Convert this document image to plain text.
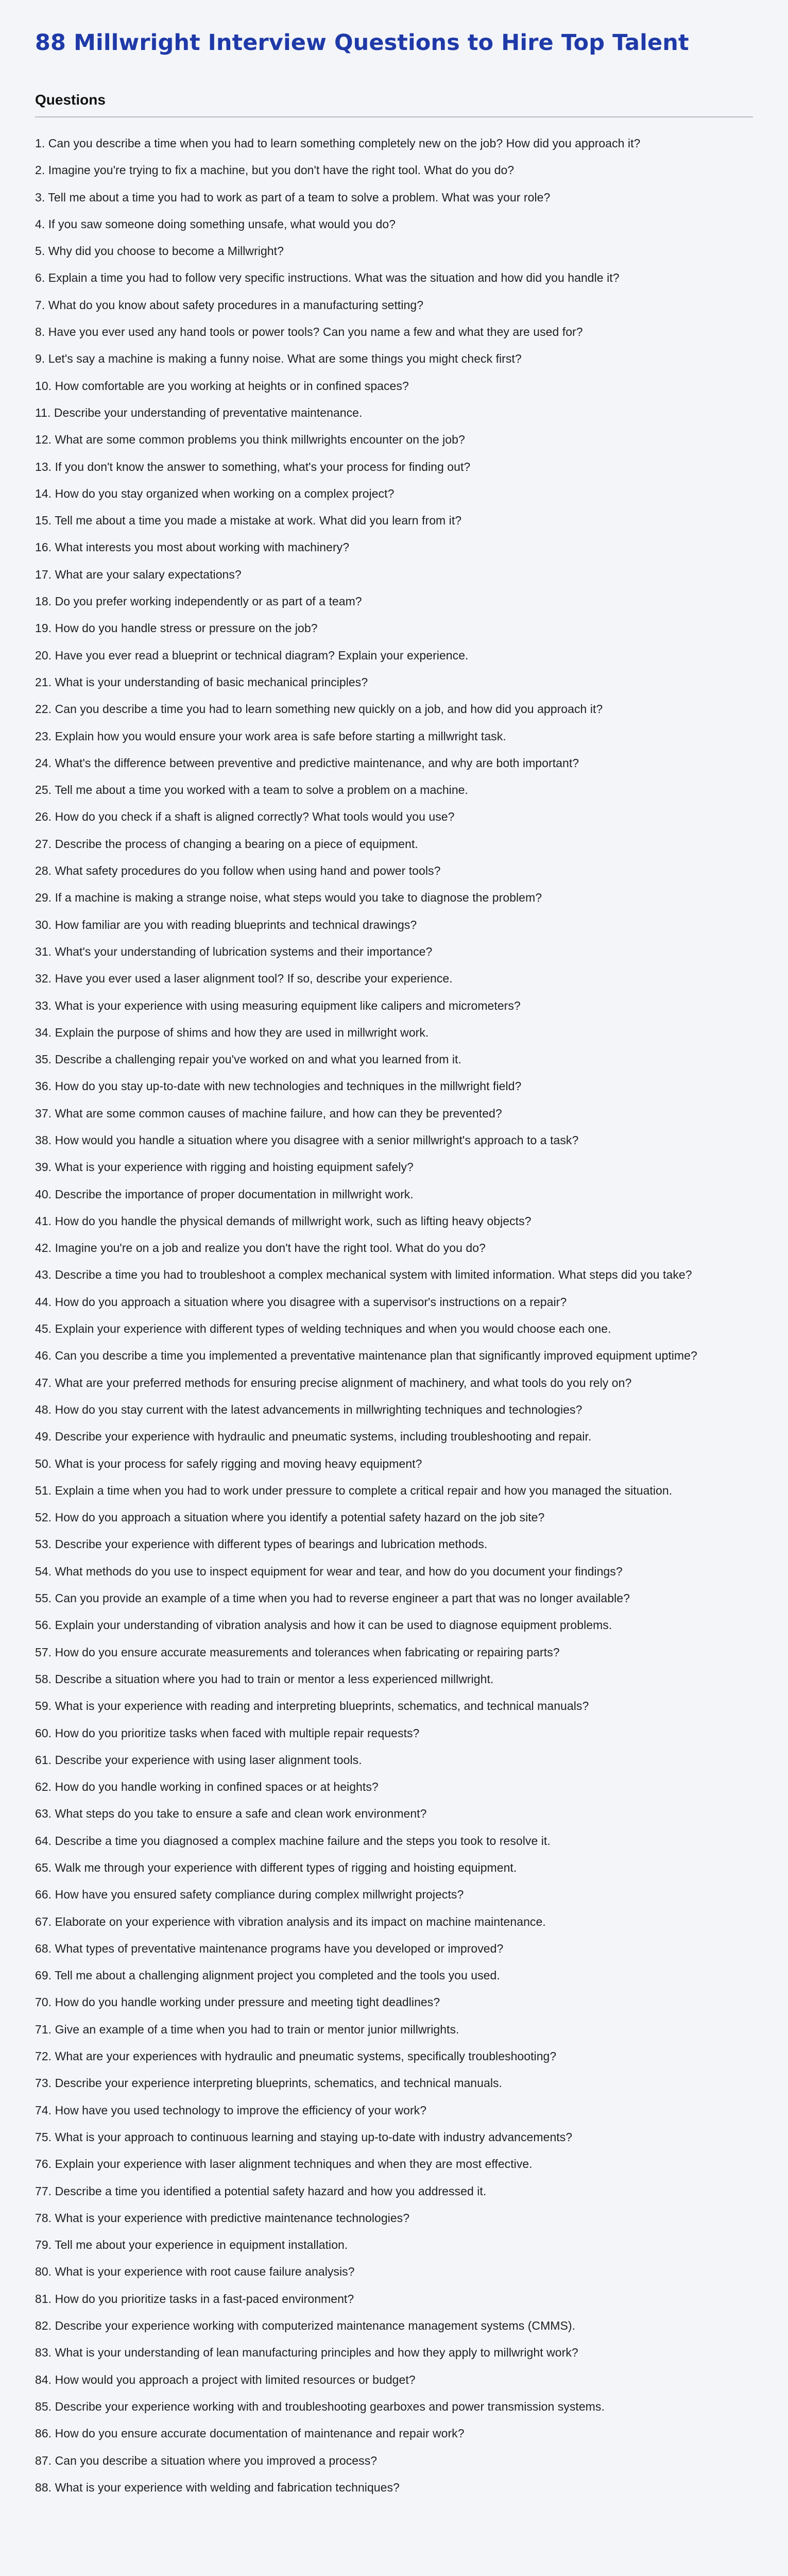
88 Millwright Interview Questions to Hire Top Talent
Questions
1. Can you describe a time when you had to learn something completely new on the job? How did you approach it?
2. Imagine you're trying to fix a machine, but you don't have the right tool. What do you do?
3. Tell me about a time you had to work as part of a team to solve a problem. What was your role?
4. If you saw someone doing something unsafe, what would you do?
5. Why did you choose to become a Millwright?
6. Explain a time you had to follow very specific instructions. What was the situation and how did you handle it?
7. What do you know about safety procedures in a manufacturing setting?
8. Have you ever used any hand tools or power tools? Can you name a few and what they are used for?
9. Let's say a machine is making a funny noise. What are some things you might check first?
10. How comfortable are you working at heights or in confined spaces?
11. Describe your understanding of preventative maintenance.
12. What are some common problems you think millwrights encounter on the job?
13. If you don't know the answer to something, what's your process for finding out?
14. How do you stay organized when working on a complex project?
15. Tell me about a time you made a mistake at work. What did you learn from it?
16. What interests you most about working with machinery?
17. What are your salary expectations?
18. Do you prefer working independently or as part of a team?
19. How do you handle stress or pressure on the job?
20. Have you ever read a blueprint or technical diagram? Explain your experience.
21. What is your understanding of basic mechanical principles?
22. Can you describe a time you had to learn something new quickly on a job, and how did you approach it?
23. Explain how you would ensure your work area is safe before starting a millwright task.
24. What's the difference between preventive and predictive maintenance, and why are both important?
25. Tell me about a time you worked with a team to solve a problem on a machine.
26. How do you check if a shaft is aligned correctly? What tools would you use?
27. Describe the process of changing a bearing on a piece of equipment.
28. What safety procedures do you follow when using hand and power tools?
29. If a machine is making a strange noise, what steps would you take to diagnose the problem?
30. How familiar are you with reading blueprints and technical drawings?
31. What's your understanding of lubrication systems and their importance?
32. Have you ever used a laser alignment tool? If so, describe your experience.
33. What is your experience with using measuring equipment like calipers and micrometers?
34. Explain the purpose of shims and how they are used in millwright work.
35. Describe a challenging repair you've worked on and what you learned from it.
36. How do you stay up-to-date with new technologies and techniques in the millwright field?
37. What are some common causes of machine failure, and how can they be prevented?
38. How would you handle a situation where you disagree with a senior millwright's approach to a task?
39. What is your experience with rigging and hoisting equipment safely?
40. Describe the importance of proper documentation in millwright work.
41. How do you handle the physical demands of millwright work, such as lifting heavy objects?
42. Imagine you're on a job and realize you don't have the right tool. What do you do?
43. Describe a time you had to troubleshoot a complex mechanical system with limited information. What steps did you take?
44. How do you approach a situation where you disagree with a supervisor's instructions on a repair?
45. Explain your experience with different types of welding techniques and when you would choose each one.
46. Can you describe a time you implemented a preventative maintenance plan that significantly improved equipment uptime?
47. What are your preferred methods for ensuring precise alignment of machinery, and what tools do you rely on?
48. How do you stay current with the latest advancements in millwrighting techniques and technologies?
49. Describe your experience with hydraulic and pneumatic systems, including troubleshooting and repair.
50. What is your process for safely rigging and moving heavy equipment?
51. Explain a time when you had to work under pressure to complete a critical repair and how you managed the situation.
52. How do you approach a situation where you identify a potential safety hazard on the job site?
53. Describe your experience with different types of bearings and lubrication methods.
54. What methods do you use to inspect equipment for wear and tear, and how do you document your findings?
55. Can you provide an example of a time when you had to reverse engineer a part that was no longer available?
56. Explain your understanding of vibration analysis and how it can be used to diagnose equipment problems.
57. How do you ensure accurate measurements and tolerances when fabricating or repairing parts?
58. Describe a situation where you had to train or mentor a less experienced millwright.
59. What is your experience with reading and interpreting blueprints, schematics, and technical manuals?
60. How do you prioritize tasks when faced with multiple repair requests?
61. Describe your experience with using laser alignment tools.
62. How do you handle working in confined spaces or at heights?
63. What steps do you take to ensure a safe and clean work environment?
64. Describe a time you diagnosed a complex machine failure and the steps you took to resolve it.
65. Walk me through your experience with different types of rigging and hoisting equipment.
66. How have you ensured safety compliance during complex millwright projects?
67. Elaborate on your experience with vibration analysis and its impact on machine maintenance.
68. What types of preventative maintenance programs have you developed or improved?
69. Tell me about a challenging alignment project you completed and the tools you used.
70. How do you handle working under pressure and meeting tight deadlines?
71. Give an example of a time when you had to train or mentor junior millwrights.
72. What are your experiences with hydraulic and pneumatic systems, specifically troubleshooting?
73. Describe your experience interpreting blueprints, schematics, and technical manuals.
74. How have you used technology to improve the efficiency of your work?
75. What is your approach to continuous learning and staying up-to-date with industry advancements?
76. Explain your experience with laser alignment techniques and when they are most effective.
77. Describe a time you identified a potential safety hazard and how you addressed it.
78. What is your experience with predictive maintenance technologies?
79. Tell me about your experience in equipment installation.
80. What is your experience with root cause failure analysis?
81. How do you prioritize tasks in a fast-paced environment?
82. Describe your experience working with computerized maintenance management systems (CMMS).
83. What is your understanding of lean manufacturing principles and how they apply to millwright work?
84. How would you approach a project with limited resources or budget?
85. Describe your experience working with and troubleshooting gearboxes and power transmission systems.
86. How do you ensure accurate documentation of maintenance and repair work?
87. Can you describe a situation where you improved a process?
88. What is your experience with welding and fabrication techniques?
